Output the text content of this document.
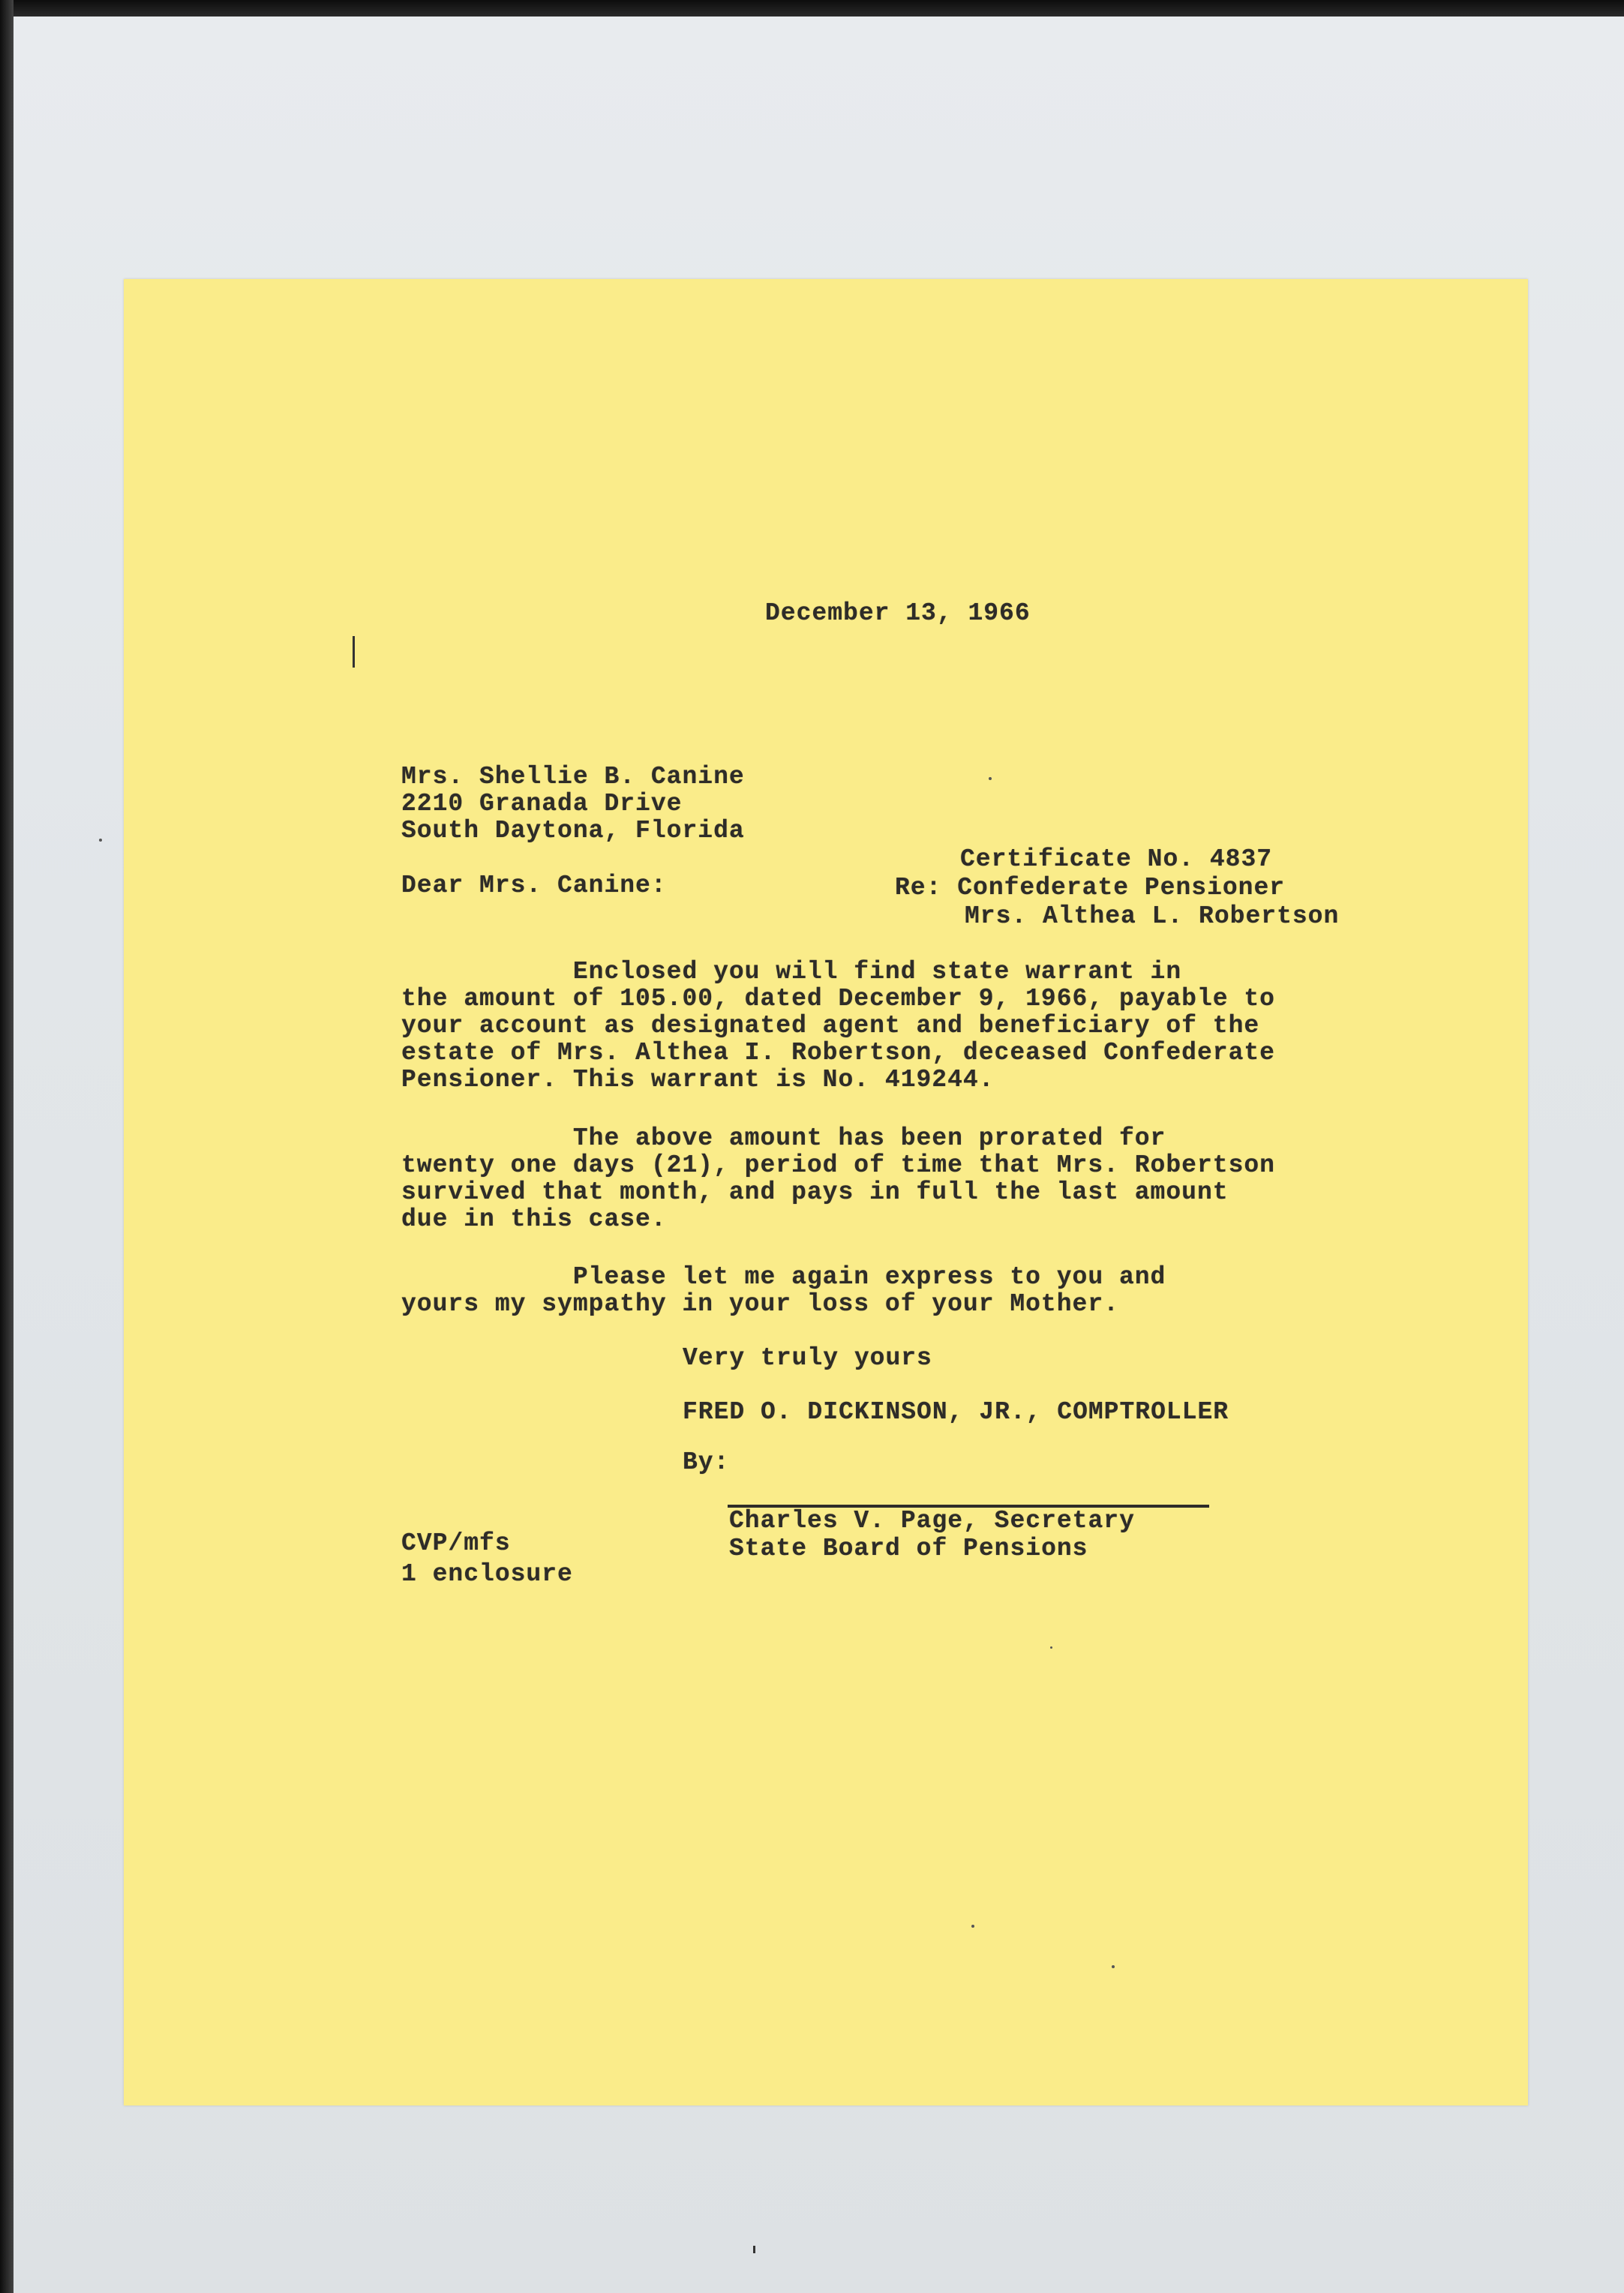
December 13, 1966
Mrs. Shellie B. Canine
2210 Granada Drive
South Daytona, Florida
Certificate No. 4837
Re: Confederate Pensioner
Mrs. Althea L. Robertson
Dear Mrs. Canine:
Enclosed you will find state warrant in
the amount of 105.00, dated December 9, 1966, payable to
your account as designated agent and beneficiary of the
estate of Mrs. Althea I. Robertson, deceased Confederate
Pensioner. This warrant is No. 419244.
The above amount has been prorated for
twenty one days (21), period of time that Mrs. Robertson
survived that month, and pays in full the last amount
due in this case.
Please let me again express to you and
yours my sympathy in your loss of your Mother.
Very truly yours
FRED O. DICKINSON, JR., COMPTROLLER
By:
Charles V. Page, Secretary
State Board of Pensions
CVP/mfs
1 enclosure
